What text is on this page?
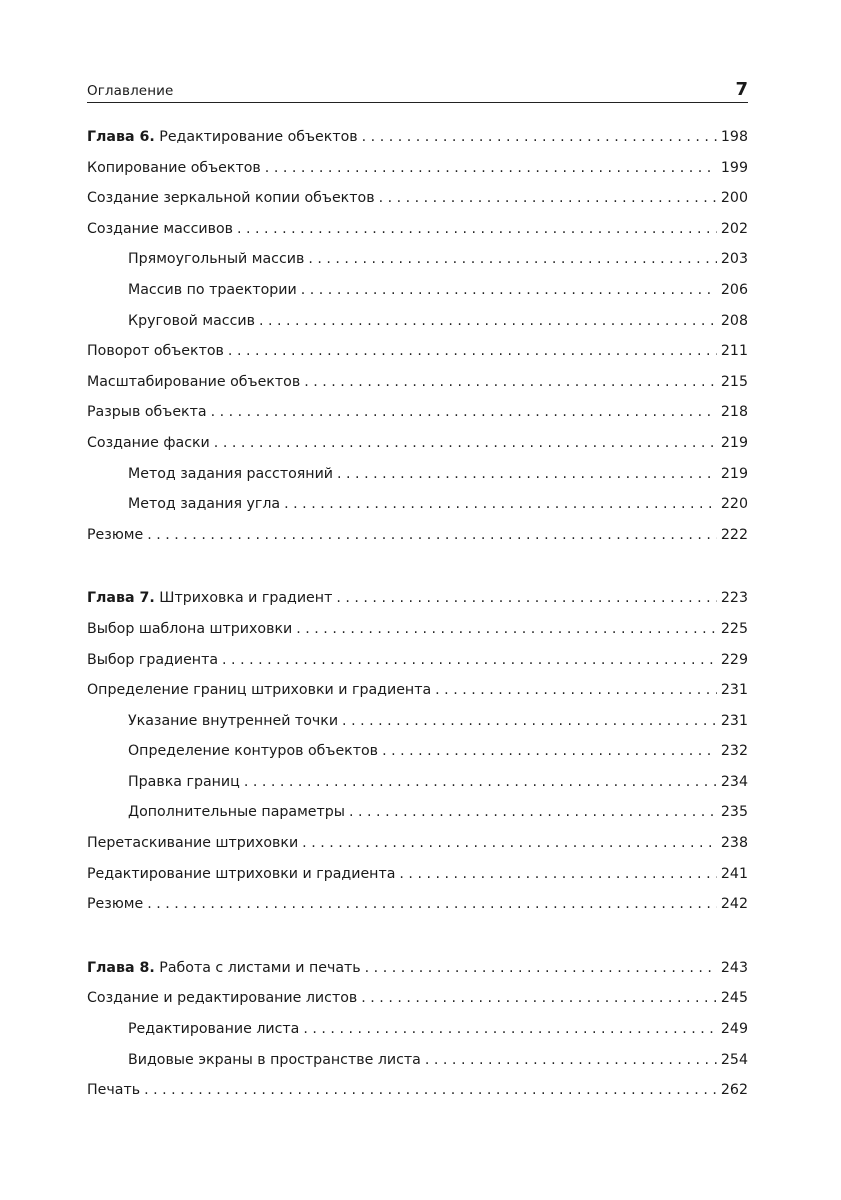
Оглавление	7
Глава 6. Редактирование объектов . . .	198
Копирование объектов . . .	199
Создание зеркальной копии объектов . . .	200
Создание массивов . . .	202
Прямоугольный массив . . .	203
Массив по траектории . . .	206
Круговой массив . . .	208
Поворот объектов . . .	211
Масштабирование объектов . . .	215
Разрыв объекта . . .	218
Создание фаски . . .	219
Метод задания расстояний . . .	219
Метод задания угла . . .	220
Резюме . . .	222
Глава 7. Штриховка и градиент . . .	223
Выбор шаблона штриховки . . .	225
Выбор градиента . . .	229
Определение границ штриховки и градиента . . .	231
Указание внутренней точки . . .	231
Определение контуров объектов . . .	232
Правка границ . . .	234
Дополнительные параметры . . .	235
Перетаскивание штриховки . . .	238
Редактирование штриховки и градиента . . .	241
Резюме . . .	242
Глава 8. Работа с листами и печать . . .	243
Создание и редактирование листов . . .	245
Редактирование листа . . .	249
Видовые экраны в пространстве листа . . .	254
Печать . . .	262
